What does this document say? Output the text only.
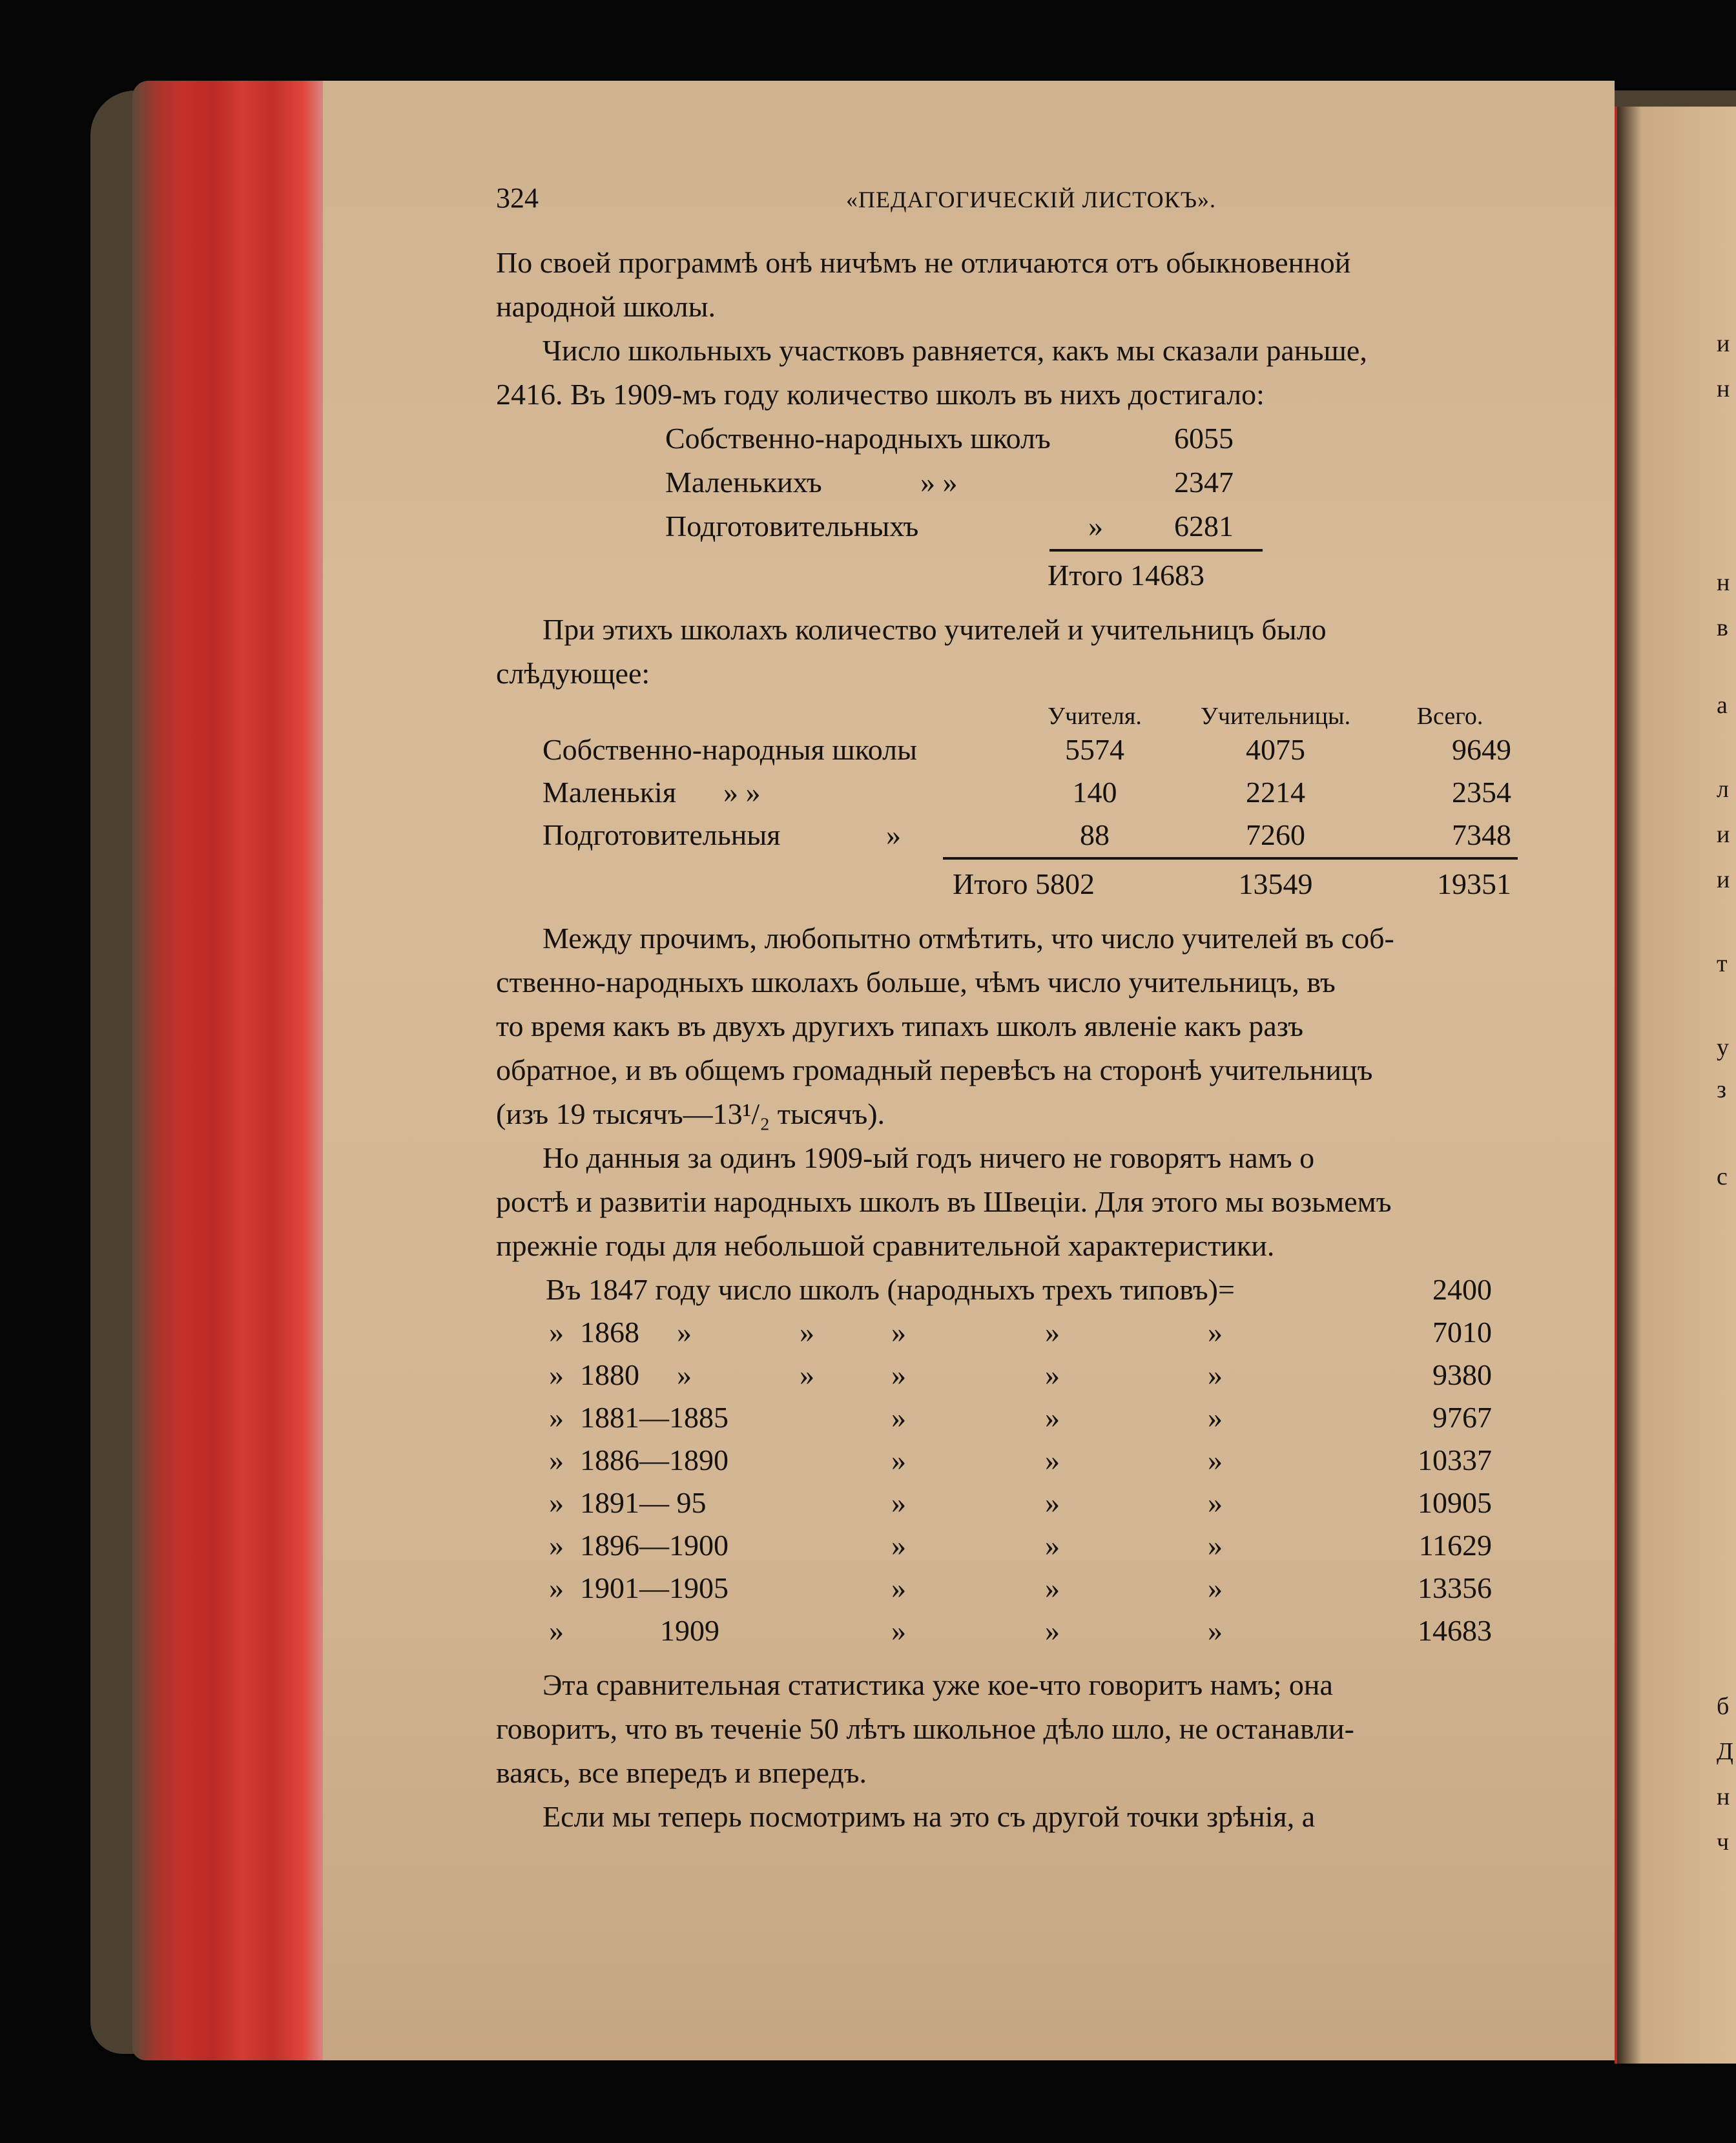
324	«ПЕДАГОГИЧЕСКІЙ ЛИСТОКЪ».
По своей программѣ онѣ ничѣмъ не отличаются отъ обыкновенной
народной школы.
Число школьныхъ участковъ равняется, какъ мы сказали раньше,
2416. Въ 1909-мъ году количество школъ въ нихъ достигало:
Собственно-народныхъ школъ	6055
Маленькихъ	» »	2347
Подготовительныхъ	»	6281
Итого 14683
При этихъ школахъ количество учителей и учительницъ было
слѣдующее:
Учителя.	Учительницы.	Всего.
Собственно-народныя школы	5574	4075	9649
Маленькія » »	140	2214	2354
Подготовительныя	»	88	7260	7348
Итого 5802	13549	19351
Между прочимъ, любопытно отмѣтить, что число учителей въ соб-
ственно-народныхъ школахъ больше, чѣмъ число учительницъ, въ
то время какъ въ двухъ другихъ типахъ школъ явленіе какъ разъ
обратное, и въ общемъ громадный перевѣсъ на сторонѣ учительницъ
(изъ 19 тысячъ—13¹/₂ тысячъ).
Но данныя за одинъ 1909-ый годъ ничего не говорятъ намъ о
ростѣ и развитіи народныхъ школъ въ Швеціи. Для этого мы возьмемъ
прежніе годы для небольшой сравнительной характеристики.
Въ 1847 году число школъ (народныхъ трехъ типовъ)=	2400
» 1868 »	»	»	»	»	7010
» 1880 »	»	»	»	»	9380
» 1881—1885	»	»	»	9767
» 1886—1890	»	»	»	10337
» 1891— 95	»	»	»	10905
» 1896—1900	»	»	»	11629
» 1901—1905	»	»	»	13356
»	1909	»	»	»	14683
Эта сравнительная статистика уже кое-что говоритъ намъ; она
говоритъ, что въ теченіе 50 лѣтъ школьное дѣло шло, не останавли-
ваясь, все впередъ и впередъ.
Если мы теперь посмотримъ на это съ другой точки зрѣнія, а
и
н
н
в
а
л
и
и
т
у
з
с
б
Д
н
ч
